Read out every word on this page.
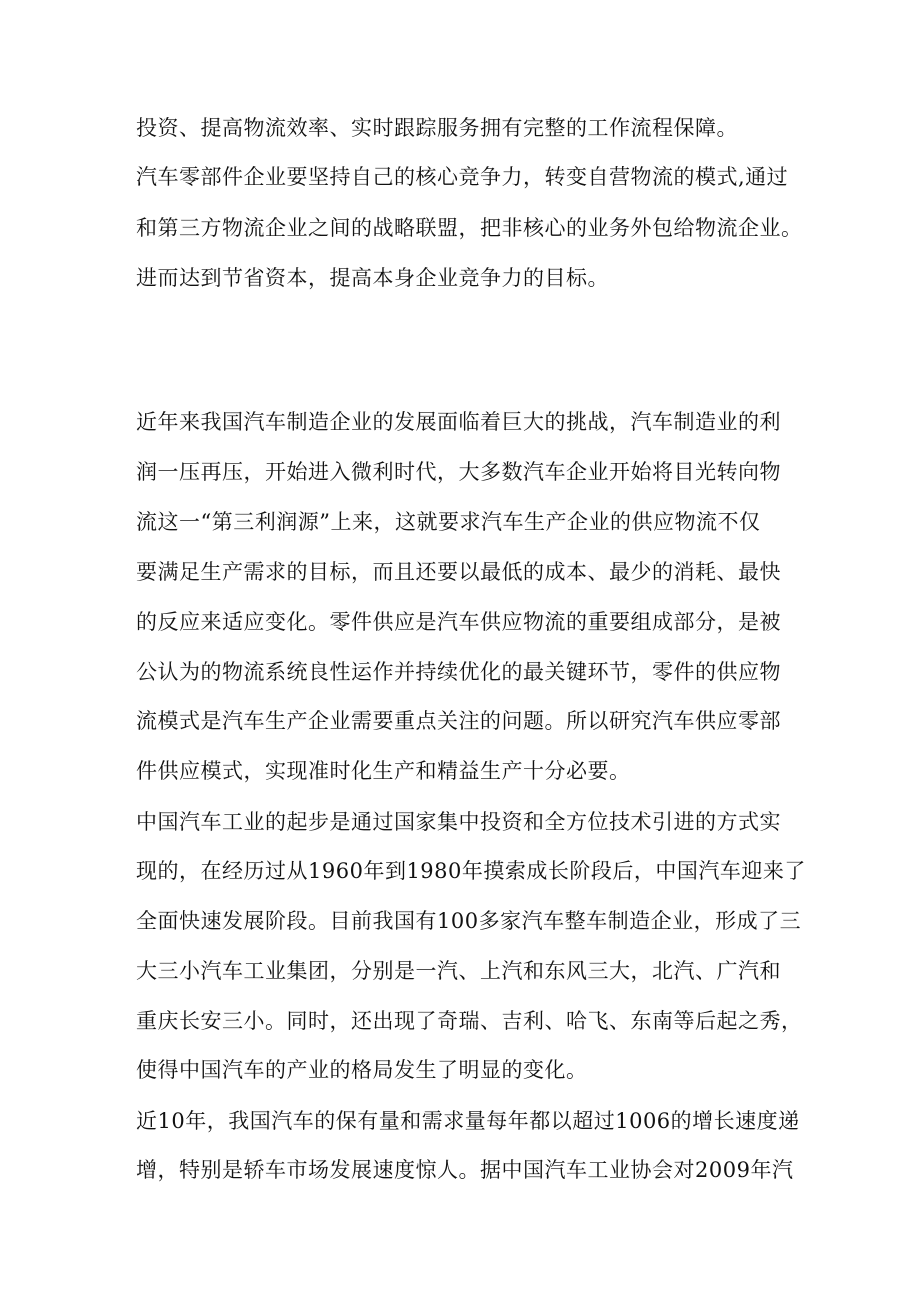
投资、提高物流效率、实时跟踪服务拥有完整的工作流程保障。
汽车零部件企业要坚持自己的核心竞争力，转变自营物流的模式,通过
和第三方物流企业之间的战略联盟，把非核心的业务外包给物流企业。
进而达到节省资本，提高本身企业竞争力的目标。
近年来我国汽车制造企业的发展面临着巨大的挑战，汽车制造业的利
润一压再压，开始进入微利时代，大多数汽车企业开始将目光转向物
流这一“第三利润源”上来，这就要求汽车生产企业的供应物流不仅
要满足生产需求的目标，而且还要以最低的成本、最少的消耗、最快
的反应来适应变化。零件供应是汽车供应物流的重要组成部分，是被
公认为的物流系统良性运作并持续优化的最关键环节，零件的供应物
流模式是汽车生产企业需要重点关注的问题。所以研究汽车供应零部
件供应模式，实现准时化生产和精益生产十分必要。
中国汽车工业的起步是通过国家集中投资和全方位技术引进的方式实
现的，在经历过从1960年到1980年摸索成长阶段后，中国汽车迎来了
全面快速发展阶段。目前我国有100多家汽车整车制造企业，形成了三
大三小汽车工业集团，分别是一汽、上汽和东风三大，北汽、广汽和
重庆长安三小。同时，还出现了奇瑞、吉利、哈飞、东南等后起之秀，
使得中国汽车的产业的格局发生了明显的变化。
近10年，我国汽车的保有量和需求量每年都以超过1006的增长速度递
增，特别是轿车市场发展速度惊人。据中国汽车工业协会对2009年汽
